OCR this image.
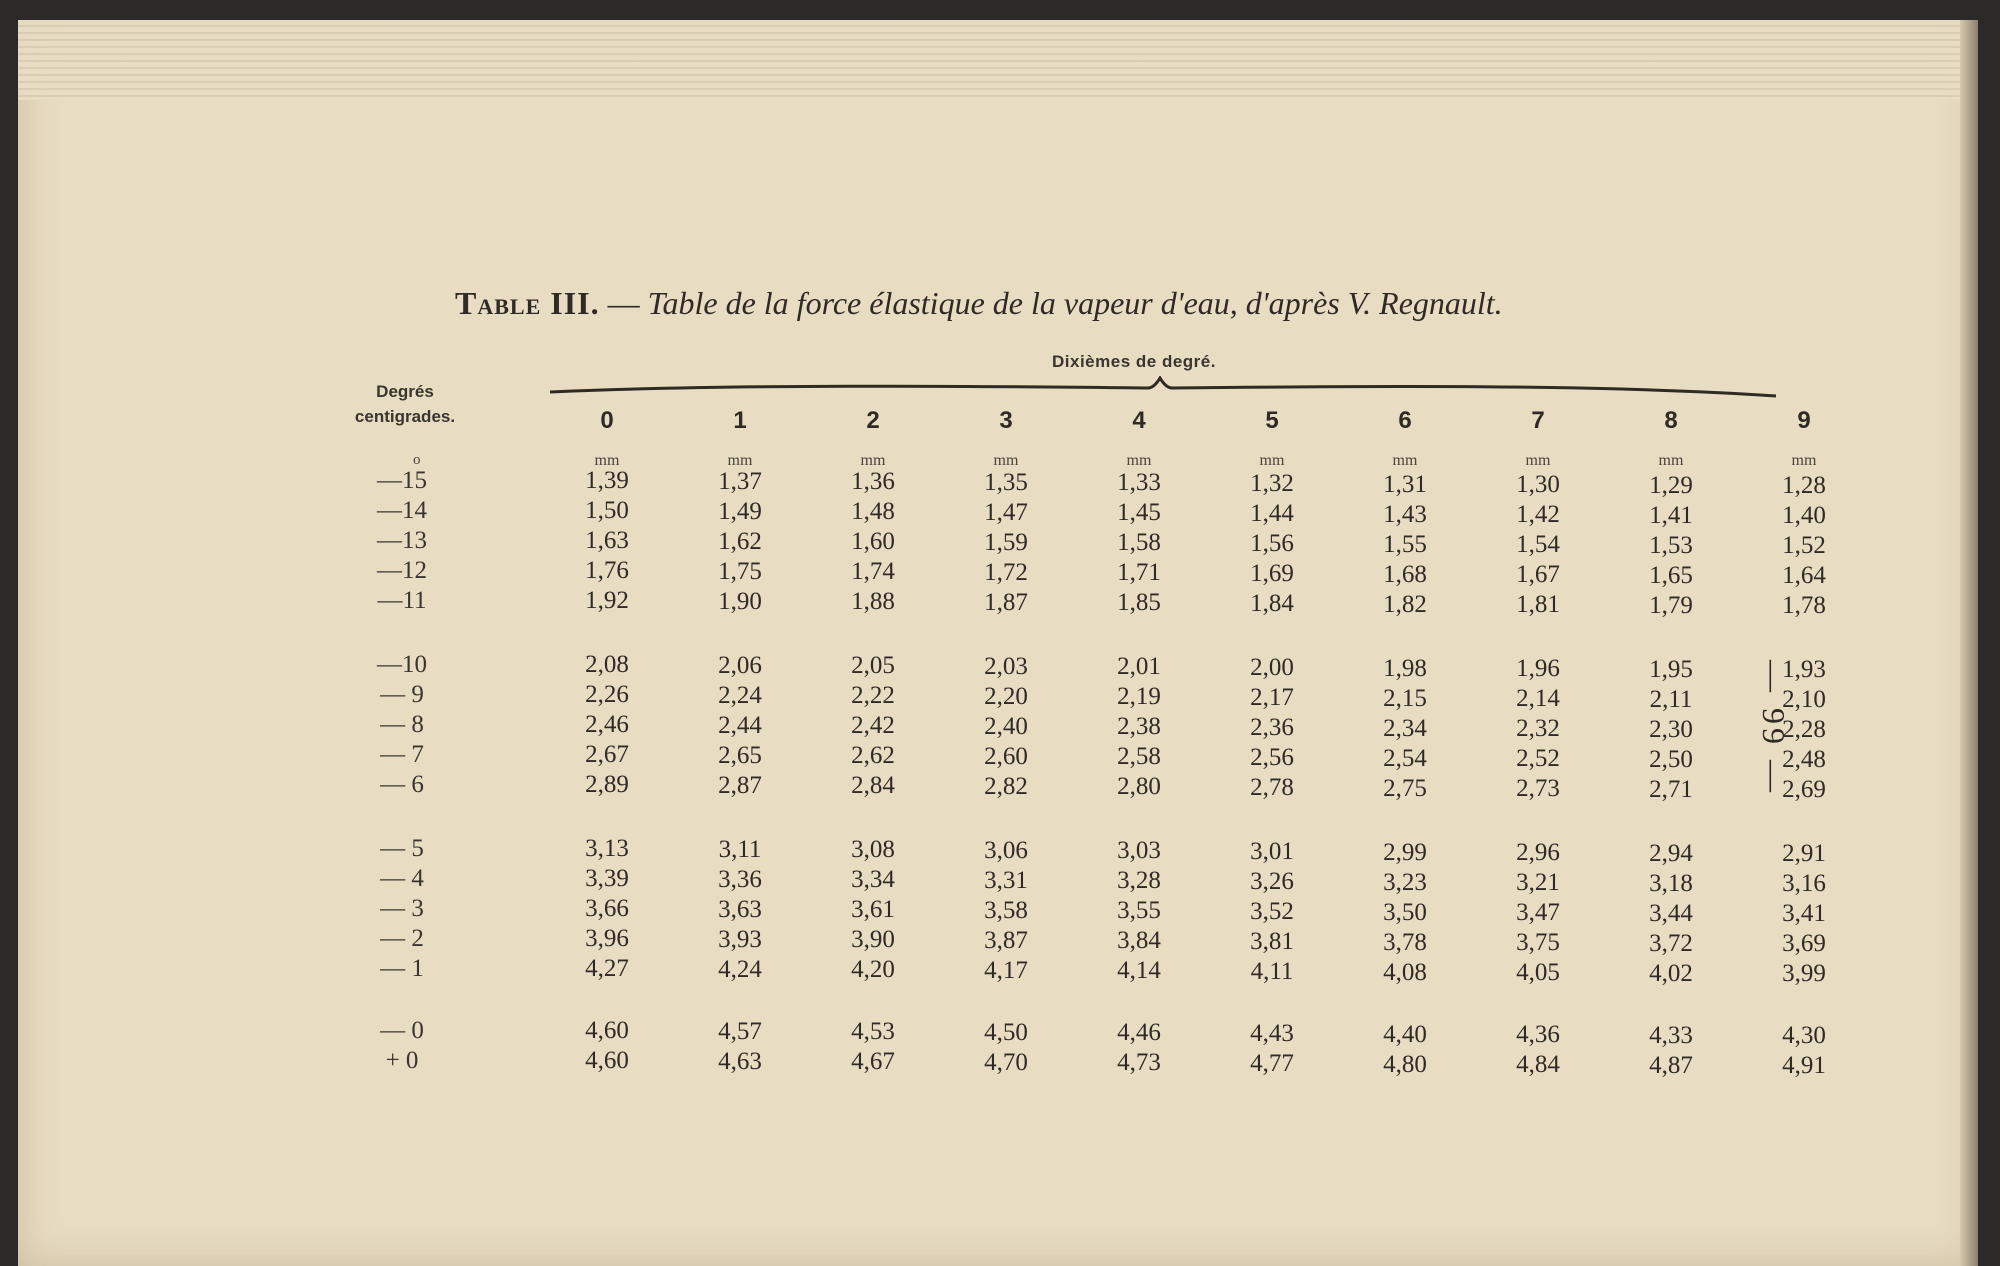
Table III. — Table de la force élastique de la vapeur d'eau, d'après V. Regnault.
Dixièmes de degré.
Degrés
centigrades.	0	1	2	3	4	5	6	7	8	9
o	mm	mm	mm	mm	mm	mm	mm	mm	mm	mm
—15	1,39	1,37	1,36	1,35	1,33	1,32	1,31	1,30	1,29	1,28
—14	1,50	1,49	1,48	1,47	1,45	1,44	1,43	1,42	1,41	1,40
—13	1,63	1,62	1,60	1,59	1,58	1,56	1,55	1,54	1,53	1,52
—12	1,76	1,75	1,74	1,72	1,71	1,69	1,68	1,67	1,65	1,64
—11	1,92	1,90	1,88	1,87	1,85	1,84	1,82	1,81	1,79	1,78
—10	2,08	2,06	2,05	2,03	2,01	2,00	1,98	1,96	1,95	1,93
— 9	2,26	2,24	2,22	2,20	2,19	2,17	2,15	2,14	2,11	2,10
— 8	2,46	2,44	2,42	2,40	2,38	2,36	2,34	2,32	2,30	2,28
— 7	2,67	2,65	2,62	2,60	2,58	2,56	2,54	2,52	2,50	2,48
— 6	2,89	2,87	2,84	2,82	2,80	2,78	2,75	2,73	2,71	2,69
— 5	3,13	3,11	3,08	3,06	3,03	3,01	2,99	2,96	2,94	2,91
— 4	3,39	3,36	3,34	3,31	3,28	3,26	3,23	3,21	3,18	3,16
— 3	3,66	3,63	3,61	3,58	3,55	3,52	3,50	3,47	3,44	3,41
— 2	3,96	3,93	3,90	3,87	3,84	3,81	3,78	3,75	3,72	3,69
— 1	4,27	4,24	4,20	4,17	4,14	4,11	4,08	4,05	4,02	3,99
— 0	4,60	4,57	4,53	4,50	4,46	4,43	4,40	4,36	4,33	4,30
+ 0	4,60	4,63	4,67	4,70	4,73	4,77	4,80	4,84	4,87	4,91
— 99 —
